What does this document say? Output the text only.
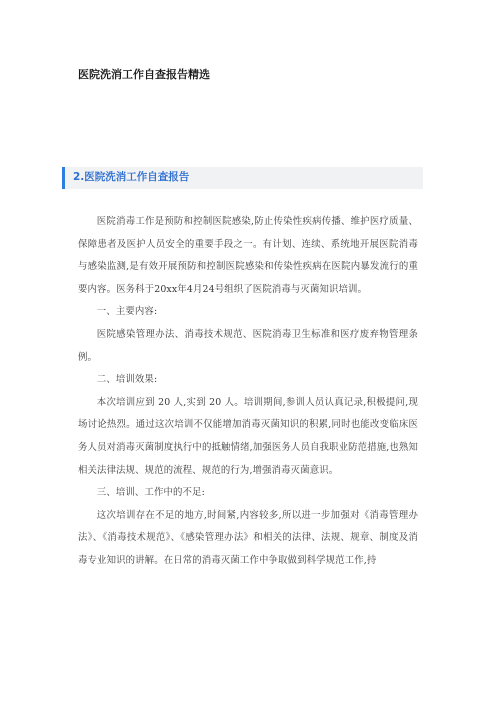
医院洗消工作自查报告精选
2.医院洗消工作自查报告

医院消毒工作是预防和控制医院感染,防止传染性疾病传播、维护医疗质量、保障患者及医护人员安全的重要手段之一。有计划、连续、系统地开展医院消毒与感染监测,是有效开展预防和控制医院感染和传染性疾病在医院内暴发流行的重要内容。医务科于20xx年4月24号组织了医院消毒与灭菌知识培训。

一、主要内容:

医院感染管理办法、消毒技术规范、医院消毒卫生标准和医疗废弃物管理条例。

二、培训效果:

本次培训应到 20 人,实到 20 人。培训期间,参训人员认真记录,积极提问,现场讨论热烈。通过这次培训不仅能增加消毒灭菌知识的积累,同时也能改变临床医务人员对消毒灭菌制度执行中的抵触情绪,加强医务人员自我职业防范措施,也熟知相关法律法规、规范的流程、规范的行为,增强消毒灭菌意识。

三、培训、工作中的不足:

这次培训存在不足的地方,时间紧,内容较多,所以进一步加强对《消毒管理办法》、《消毒技术规范》、《感染管理办法》和相关的法律、法规、规章、制度及消毒专业知识的讲解。在日常的消毒灭菌工作中争取做到科学规范工作,持
